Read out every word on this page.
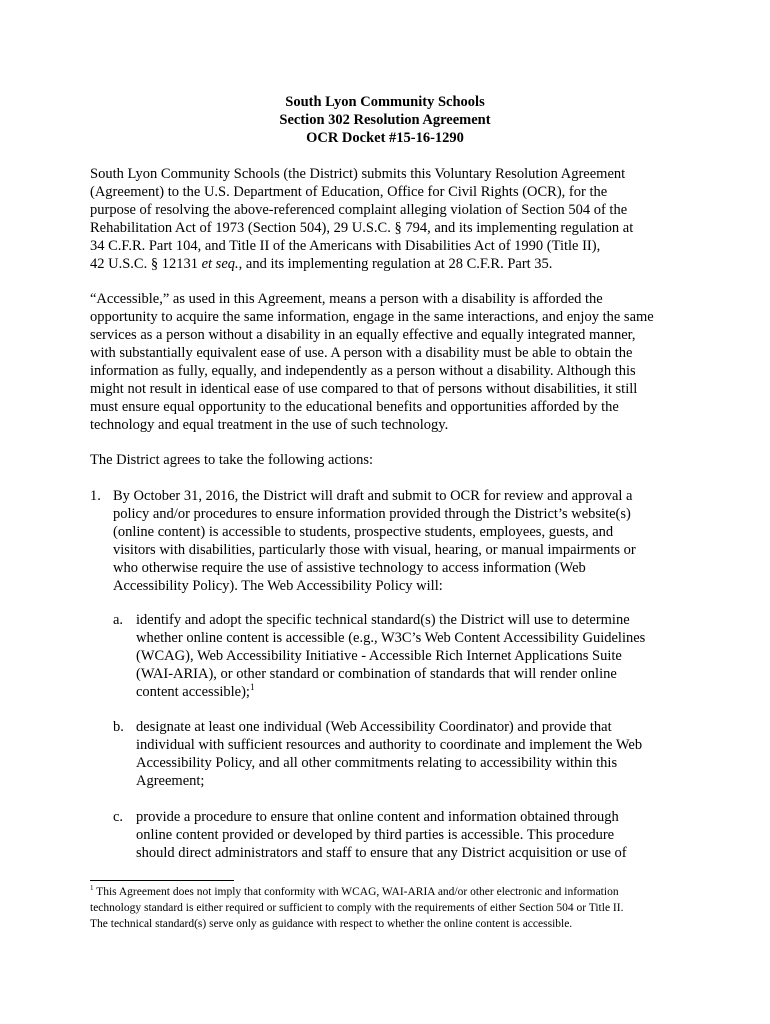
South Lyon Community Schools
Section 302 Resolution Agreement
OCR Docket #15-16-1290
South Lyon Community Schools (the District) submits this Voluntary Resolution Agreement
(Agreement) to the U.S. Department of Education, Office for Civil Rights (OCR), for the
purpose of resolving the above-referenced complaint alleging violation of Section 504 of the
Rehabilitation Act of 1973 (Section 504), 29 U.S.C. § 794, and its implementing regulation at
34 C.F.R. Part 104, and Title II of the Americans with Disabilities Act of 1990 (Title II),
42 U.S.C. § 12131 et seq., and its implementing regulation at 28 C.F.R. Part 35.
“Accessible,” as used in this Agreement, means a person with a disability is afforded the
opportunity to acquire the same information, engage in the same interactions, and enjoy the same
services as a person without a disability in an equally effective and equally integrated manner,
with substantially equivalent ease of use. A person with a disability must be able to obtain the
information as fully, equally, and independently as a person without a disability. Although this
might not result in identical ease of use compared to that of persons without disabilities, it still
must ensure equal opportunity to the educational benefits and opportunities afforded by the
technology and equal treatment in the use of such technology.
The District agrees to take the following actions:
1. By October 31, 2016, the District will draft and submit to OCR for review and approval a
policy and/or procedures to ensure information provided through the District’s website(s)
(online content) is accessible to students, prospective students, employees, guests, and
visitors with disabilities, particularly those with visual, hearing, or manual impairments or
who otherwise require the use of assistive technology to access information (Web
Accessibility Policy). The Web Accessibility Policy will:
a. identify and adopt the specific technical standard(s) the District will use to determine
whether online content is accessible (e.g., W3C’s Web Content Accessibility Guidelines
(WCAG), Web Accessibility Initiative - Accessible Rich Internet Applications Suite
(WAI-ARIA), or other standard or combination of standards that will render online
content accessible);$^1$
b. designate at least one individual (Web Accessibility Coordinator) and provide that
individual with sufficient resources and authority to coordinate and implement the Web
Accessibility Policy, and all other commitments relating to accessibility within this
Agreement;
c. provide a procedure to ensure that online content and information obtained through
online content provided or developed by third parties is accessible. This procedure
should direct administrators and staff to ensure that any District acquisition or use of
$^1$ This Agreement does not imply that conformity with WCAG, WAI-ARIA and/or other electronic and information
technology standard is either required or sufficient to comply with the requirements of either Section 504 or Title II.
The technical standard(s) serve only as guidance with respect to whether the online content is accessible.
